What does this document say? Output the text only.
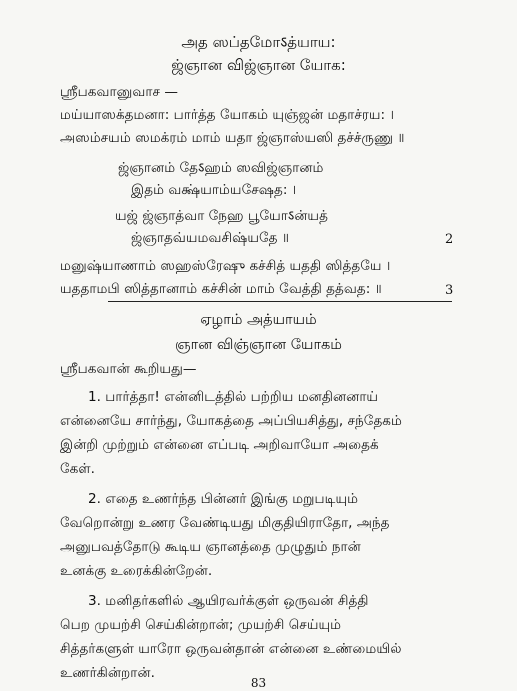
அத ஸப்தமோऽத்யாய:
ஜ்ஞான விஜ்ஞான யோக:
ஸ்ரீபகவானுவாச —
மய்யாஸக்தமனா: பார்த்த யோகம் யுஞ்ஜன் மதாச்ரய: ।
அஸம்சயம் ஸமக்ரம் மாம் யதா ஜ்ஞாஸ்யஸி தச்ச்ருணு ॥
ஜ்ஞானம் தேऽஹம் ஸவிஜ்ஞானம்
இதம் வக்ஷ்யாம்யசேஷத: ।
யஜ் ஜ்ஞாத்வா நேஹ பூயோऽன்யத்
ஜ்ஞாதவ்யமவசிஷ்யதே ॥	2
மனுஷ்யாணாம் ஸஹஸ்ரேஷு கச்சித் யததி ஸித்தயே ।
யததாமபி ஸித்தானாம் கச்சின் மாம் வேத்தி தத்வத: ॥	3
ஏழாம் அத்யாயம்
ஞான விஞ்ஞான யோகம்
ஸ்ரீபகவான் கூறியது—
1. பார்த்தா! என்னிடத்தில் பற்றிய மனதினனாய்
என்னையே சார்ந்து, யோகத்தை அப்பியசித்து, சந்தேகம்
இன்றி முற்றும் என்னை எப்படி அறிவாயோ அதைக்
கேள்.
2. எதை உணர்ந்த பின்னர் இங்கு மறுபடியும்
வேறொன்று உணர வேண்டியது மிகுதியிராதோ, அந்த
அனுபவத்தோடு கூடிய ஞானத்தை முழுதும் நான்
உனக்கு உரைக்கின்றேன்.
3. மனிதர்களில் ஆயிரவர்க்குள் ஒருவன் சித்தி
பெற முயற்சி செய்கின்றான்; முயற்சி செய்யும்
சித்தர்களுள் யாரோ ஒருவன்தான் என்னை உண்மையில்
உணர்கின்றான்.
83
